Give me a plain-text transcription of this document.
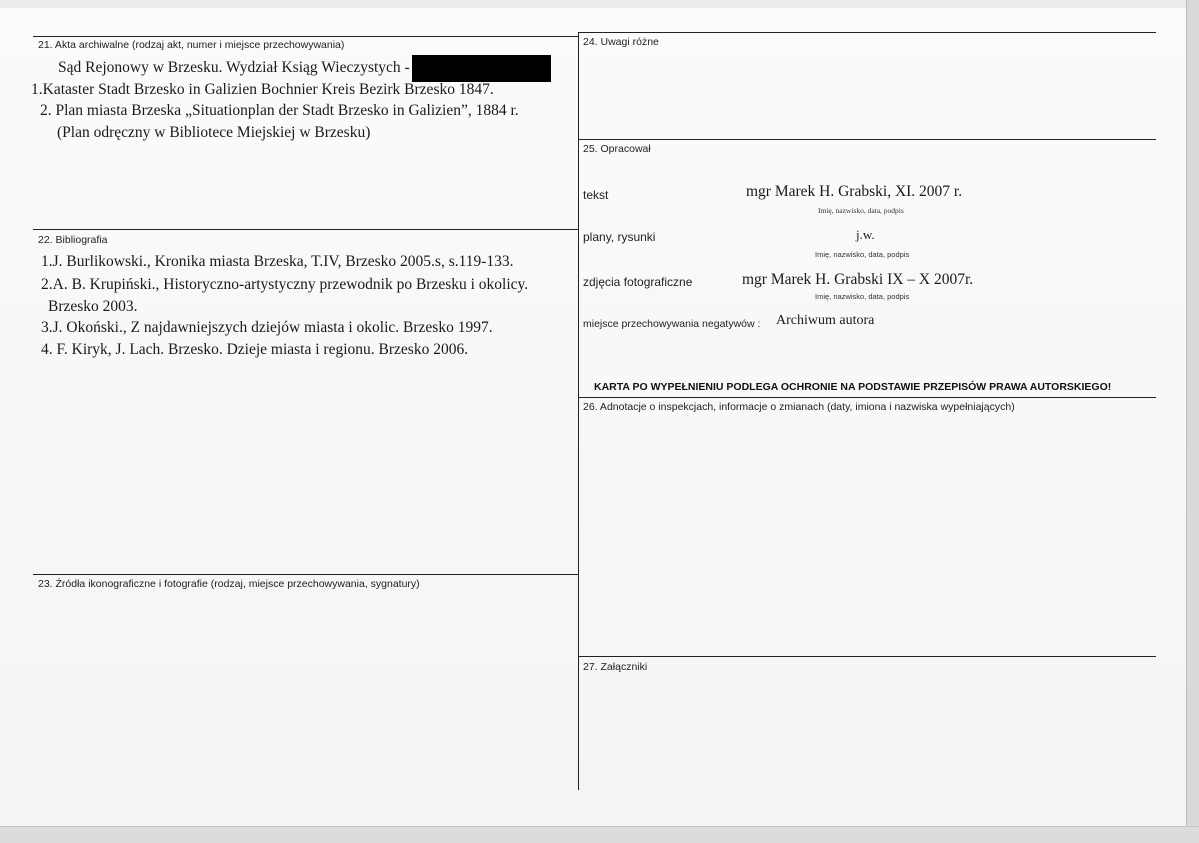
21. Akta archiwalne (rodzaj akt, numer i miejsce przechowywania)
Sąd Rejonowy w Brzesku. Wydział Ksiąg Wieczystych -
1.Kataster Stadt Brzesko in Galizien Bochnier Kreis Bezirk Brzesko 1847.
2. Plan miasta Brzeska „Situationplan der Stadt Brzesko in Galizien”, 1884 r.
(Plan odręczny w Bibliotece Miejskiej w Brzesku)
22. Bibliografia
1.J. Burlikowski., Kronika miasta Brzeska, T.IV, Brzesko 2005.s, s.119-133.
2.A. B. Krupiński., Historyczno-artystyczny przewodnik po Brzesku i okolicy.
Brzesko 2003.
3.J. Okoński., Z najdawniejszych dziejów miasta i okolic. Brzesko 1997.
4. F. Kiryk, J. Lach. Brzesko. Dzieje miasta i regionu. Brzesko 2006.
23. Źródła ikonograficzne i fotografie (rodzaj, miejsce przechowywania, sygnatury)
24. Uwagi różne
25. Opracował
tekst	mgr Marek H. Grabski, XI. 2007 r.
Imię, nazwisko, data, podpis
plany, rysunki	j.w.
Imię, nazwisko, data, podpis
zdjęcia fotograficzne	mgr Marek H. Grabski IX – X 2007r.
Imię, nazwisko, data, podpis
miejsce przechowywania negatywów : Archiwum autora
KARTA PO WYPEŁNIENIU PODLEGA OCHRONIE NA PODSTAWIE PRZEPISÓW PRAWA AUTORSKIEGO!
26. Adnotacje o inspekcjach, informacje o zmianach (daty, imiona i nazwiska wypełniających)
27. Załączniki
